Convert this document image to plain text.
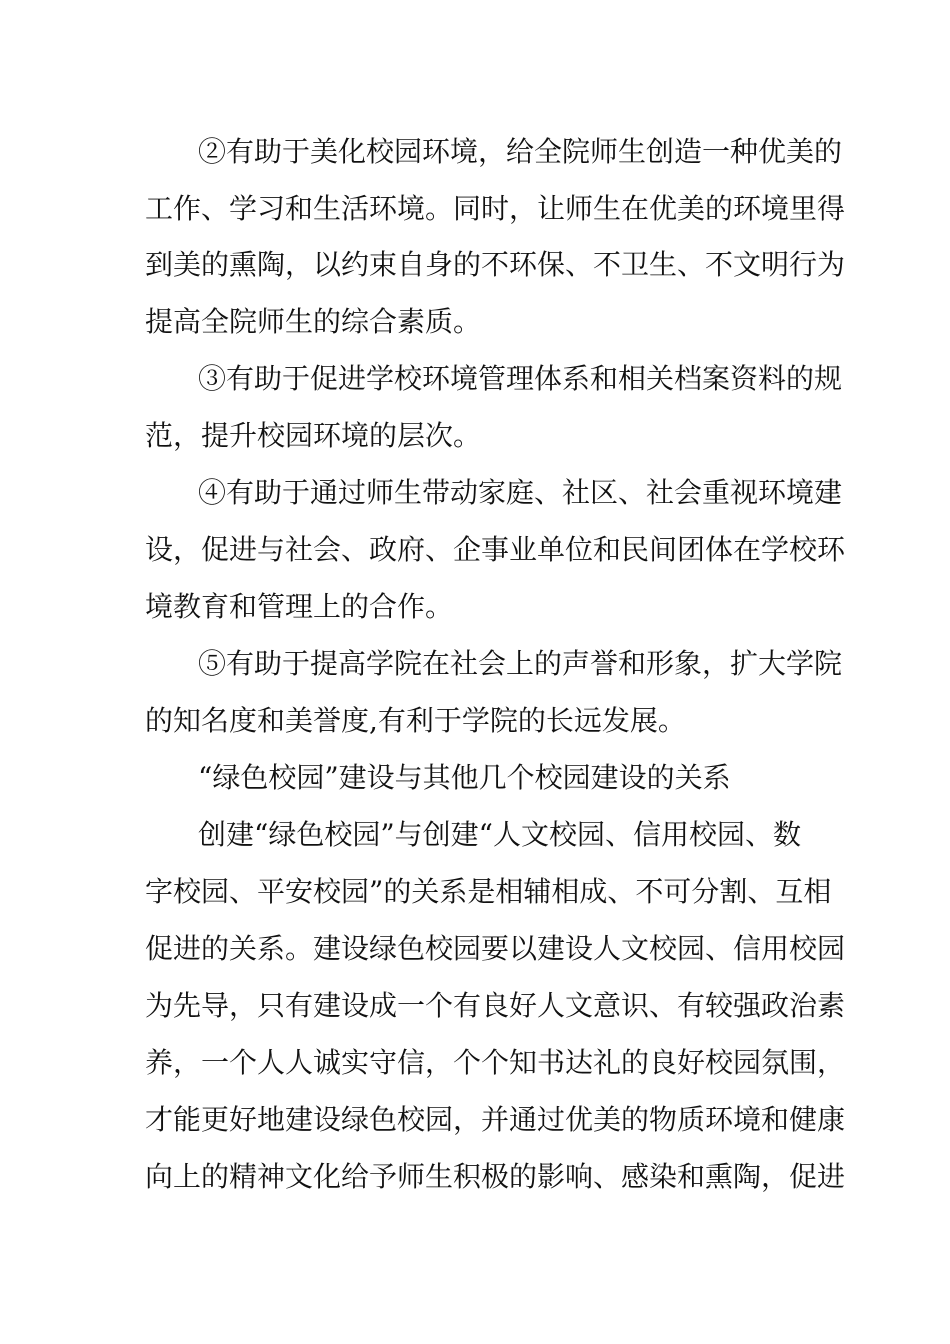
②有助于美化校园环境，给全院师生创造一种优美的
工作、学习和生活环境。同时，让师生在优美的环境里得
到美的熏陶，以约束自身的不环保、不卫生、不文明行为
提高全院师生的综合素质。
③有助于促进学校环境管理体系和相关档案资料的规
范，提升校园环境的层次。
④有助于通过师生带动家庭、社区、社会重视环境建
设，促进与社会、政府、企事业单位和民间团体在学校环
境教育和管理上的合作。
⑤有助于提高学院在社会上的声誉和形象，扩大学院
的知名度和美誉度,有利于学院的长远发展。
“绿色校园”建设与其他几个校园建设的关系
创建“绿色校园”与创建“人文校园、信用校园、数
字校园、平安校园”的关系是相辅相成、不可分割、互相
促进的关系。建设绿色校园要以建设人文校园、信用校园
为先导，只有建设成一个有良好人文意识、有较强政治素
养，一个人人诚实守信，个个知书达礼的良好校园氛围，
才能更好地建设绿色校园，并通过优美的物质环境和健康
向上的精神文化给予师生积极的影响、感染和熏陶，促进
